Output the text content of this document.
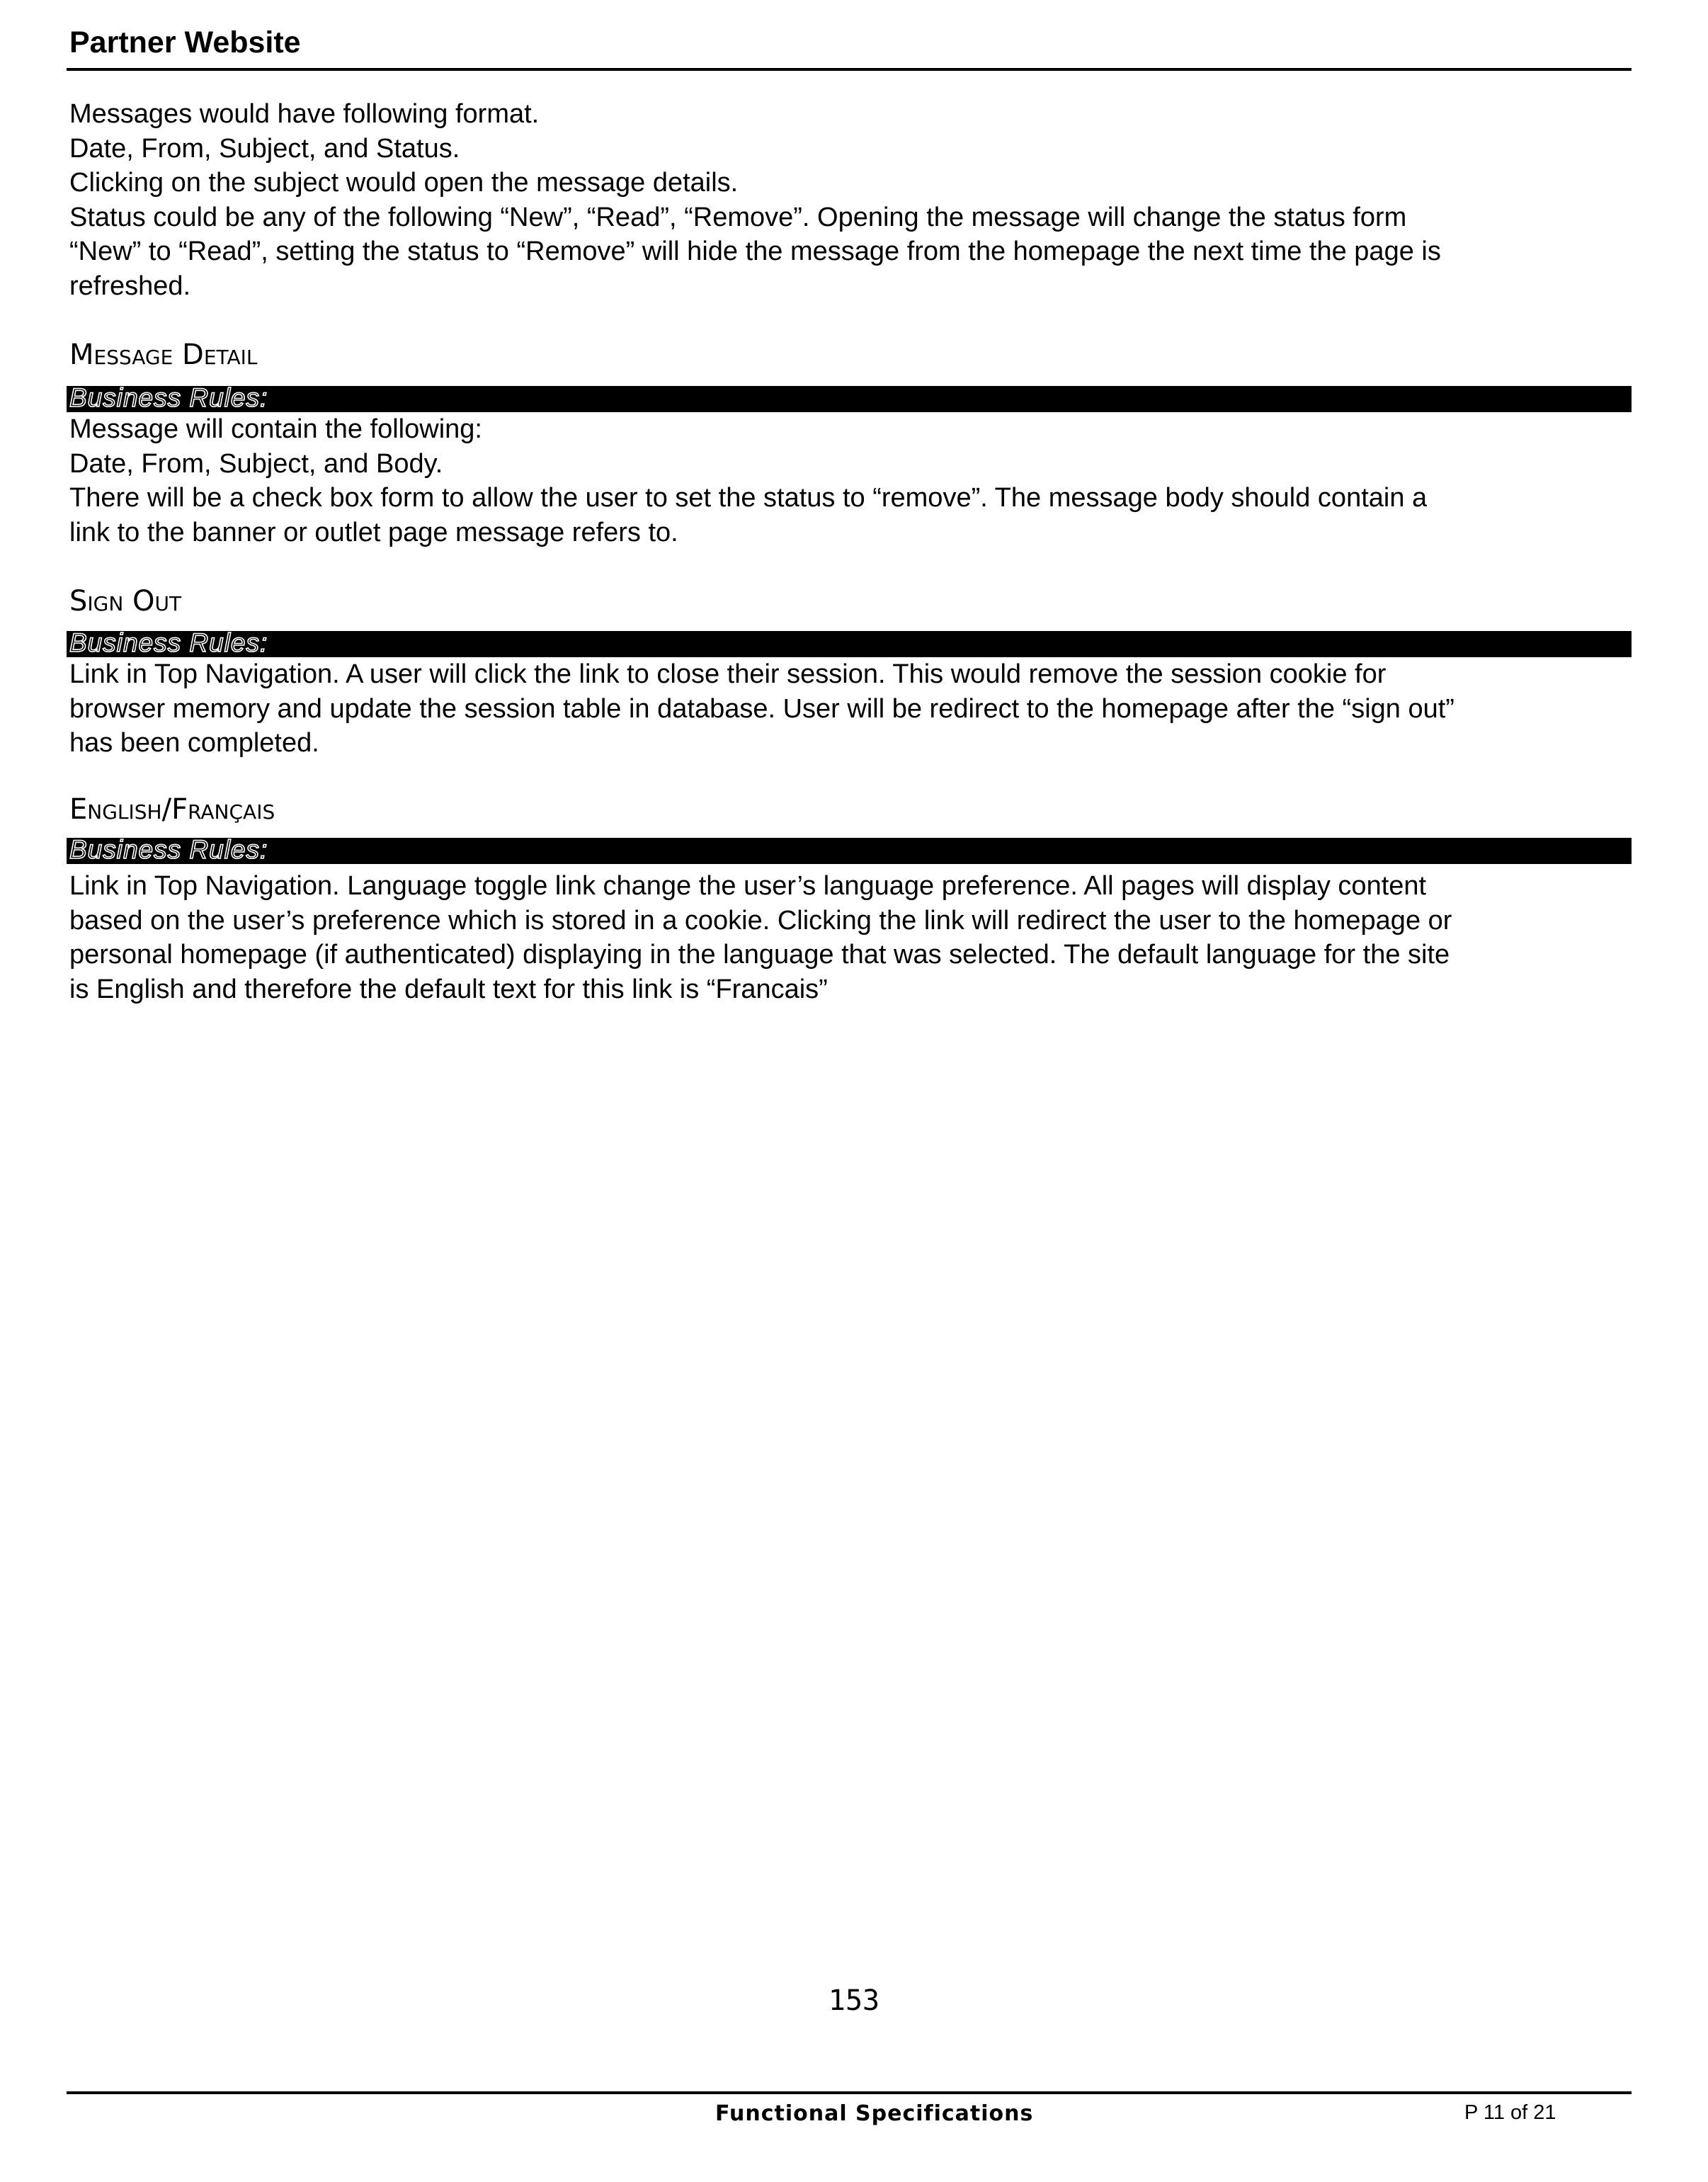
Partner Website
Messages would have following format.
Date, From, Subject, and Status.
Clicking on the subject would open the message details.
Status could be any of the following “New”, “Read”, “Remove”. Opening the message will change the status form
“New” to “Read”, setting the status to “Remove” will hide the message from the homepage the next time the page is
refreshed.
Message Detail
Business Rules:
Message will contain the following:
Date, From, Subject, and Body.
There will be a check box form to allow the user to set the status to “remove”. The message body should contain a
link to the banner or outlet page message refers to.
Sign Out
Business Rules:
Link in Top Navigation. A user will click the link to close their session. This would remove the session cookie for
browser memory and update the session table in database. User will be redirect to the homepage after the “sign out”
has been completed.
English/Français
Business Rules:
Link in Top Navigation. Language toggle link change the user’s language preference. All pages will display content
based on the user’s preference which is stored in a cookie. Clicking the link will redirect the user to the homepage or
personal homepage (if authenticated) displaying in the language that was selected. The default language for the site
is English and therefore the default text for this link is “Francais”
153
Functional Specifications	P 11 of 21
